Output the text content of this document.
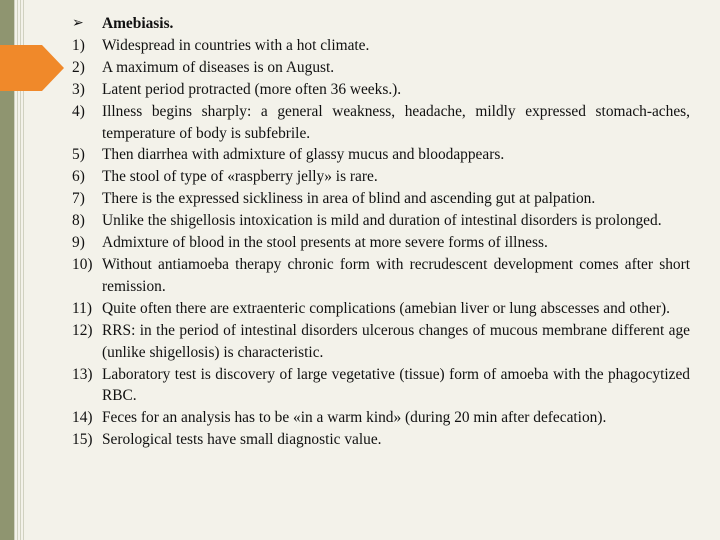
➢	Amebiasis.
1)	Widespread in countries with a hot climate.
2)	A maximum of diseases is on August.
3)	Latent period protracted (more often 36 weeks.).
4)	Illness begins sharply: a general weakness, headache, mildly expressed stomach-aches, temperature of body is subfebrile.
5)	Then diarrhea with admixture of glassy mucus and bloodappears.
6)	The stool of type of «raspberry jelly» is rare.
7)	There is the expressed sickliness in area of blind and ascending gut at palpation.
8)	Unlike the shigellosis intoxication is mild and duration of intestinal disorders is prolonged.
9)	Admixture of blood in the stool presents at more severe forms of illness.
10) Without antiamoeba therapy chronic form with recrudescent development comes after short remission.
11) Quite often there are extraenteric complications (amebian liver or lung abscesses and other).
12) RRS: in the period of intestinal disorders ulcerous changes of mucous membrane different age (unlike shigellosis) is characteristic.
13) Laboratory test is discovery of large vegetative (tissue) form of amoeba with the phagocytized RBC.
14) Feces for an analysis has to be «in a warm kind» (during 20 min after defecation).
15) Serological tests have small diagnostic value.
